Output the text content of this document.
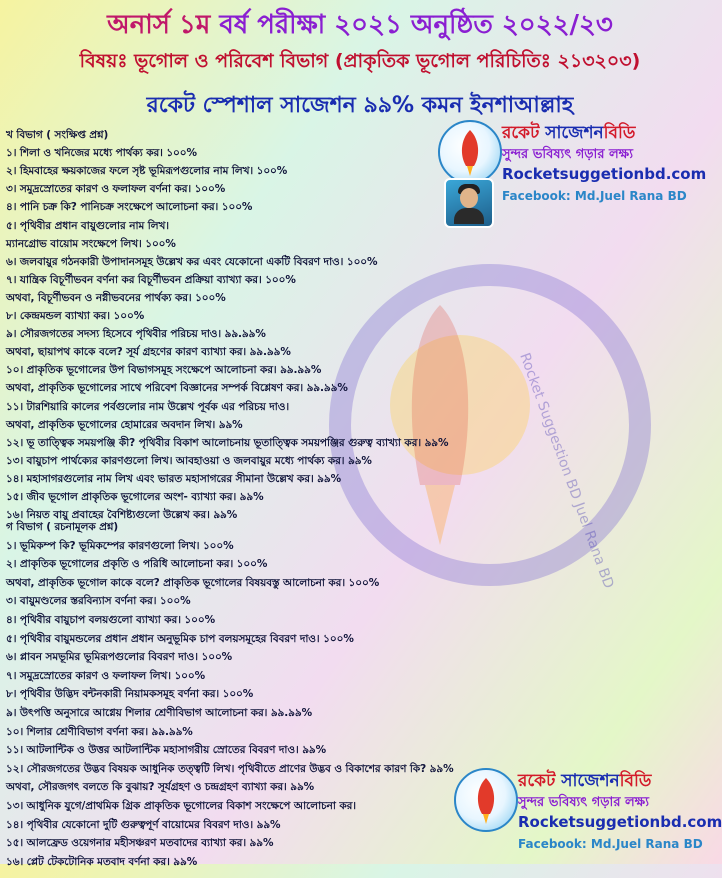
Rocket Suggestion BD Juel Rana BD
অনার্স ১ম বর্ষ পরীক্ষা ২০২১ অনুষ্ঠিত ২০২২/২৩
বিষয়ঃ ভূগোল ও পরিবেশ বিভাগ (প্রাকৃতিক ভূগোল পরিচিতিঃ ২১৩২০৩)
রকেট স্পেশাল সাজেশন ৯৯% কমন ইনশাআল্লাহ
রকেট সাজেশনবিডি
সুন্দর ভবিষ্যৎ গড়ার লক্ষ্য
Rocketsuggetionbd.com
Facebook: Md.Juel Rana BD
রকেট সাজেশনবিডি
সুন্দর ভবিষ্যৎ গড়ার লক্ষ্য
Rocketsuggetionbd.com
Facebook: Md.Juel Rana BD
খ বিভাগ ( সংক্ষিপ্ত প্রশ্ন)
১। শিলা ও খনিজের মধ্যে পার্থক্য কর। ১০০%
২। হিমবাহের ক্ষয়কাজের ফলে সৃষ্ট ভূমিরূপগুলোর নাম লিখ। ১০০%
৩। সমুদ্রস্রোতের কারণ ও ফলাফল বর্ণনা কর। ১০০%
৪। পানি চক্র কি? পানিচক্র সংক্ষেপে আলোচনা কর। ১০০%
৫। পৃথিবীর প্রধান বায়ুগুলোর নাম লিখ।
ম্যানগ্রোভ বায়োম সংক্ষেপে লিখ। ১০০%
৬। জলবায়ুর গঠনকারী উপাদানসমূহ উল্লেখ কর এবং যেকোনো একটি বিবরণ দাও। ১০০%
৭। যান্ত্রিক বিচূর্ণীভবন বর্ণনা কর বিচূর্ণীভবন প্রক্রিয়া ব্যাখ্যা কর। ১০০%
অথবা, বিচূর্ণীভবন ও নগ্নীভবনের পার্থক্য কর। ১০০%
৮। কেন্দ্রমন্ডল ব্যাখ্যা কর। ১০০%
৯। সৌরজগতের সদস্য হিসেবে পৃথিবীর পরিচয় দাও। ৯৯.৯৯%
অথবা, ছায়াপথ কাকে বলে? সূর্য গ্রহণের কারণ ব্যাখ্যা কর। ৯৯.৯৯%
১০। প্রাকৃতিক ভূগোলের উপ বিভাগসমূহ সংক্ষেপে আলোচনা কর। ৯৯.৯৯%
অথবা, প্রাকৃতিক ভূগোলের সাথে পরিবেশ বিজ্ঞানের সম্পর্ক বিশ্লেষণ কর। ৯৯.৯৯%
১১। টারশিয়ারি কালের পর্বগুলোর নাম উল্লেখ পূর্বক এর পরিচয় দাও।
অথবা, প্রাকৃতিক ভূগোলের হোমারের অবদান লিখ। ৯৯%
১২। ভূ তাত্ত্বিক সময়পঞ্জি কী? পৃথিবীর বিকাশ আলোচনায় ভূতাত্ত্বিক সময়পঞ্জির গুরুত্ব ব্যাখ্যা কর। ৯৯%
১৩। বায়ুচাপ পার্থক্যের কারণগুলো লিখ। আবহাওয়া ও জলবায়ুর মধ্যে পার্থক্য কর। ৯৯%
১৪। মহাসাগরগুলোর নাম লিখ এবং ভারত মহাসাগরের সীমানা উল্লেখ কর। ৯৯%
১৫। জীব ভূগোল প্রাকৃতিক ভূগোলের অংশ- ব্যাখ্যা কর। ৯৯%
১৬। নিয়ত বায়ু প্রবাহের বৈশিষ্ট্যগুলো উল্লেখ কর। ৯৯%
গ বিভাগ ( রচনামূলক প্রশ্ন)
১। ভূমিকম্প কি? ভূমিকম্পের কারণগুলো লিখ। ১০০%
২। প্রাকৃতিক ভূগোলের প্রকৃতি ও পরিধি আলোচনা কর। ১০০%
অথবা, প্রাকৃতিক ভূগোল কাকে বলে? প্রাকৃতিক ভূগোলের বিষয়বস্তু আলোচনা কর। ১০০%
৩। বায়ুমণ্ডলের স্তরবিন্যাস বর্ণনা কর। ১০০%
৪। পৃথিবীর বায়ুচাপ বলয়গুলো ব্যাখ্যা কর। ১০০%
৫। পৃথিবীর বায়ুমন্ডলের প্রধান প্রধান অনুভূমিক চাপ বলয়সমূহের বিবরণ দাও। ১০০%
৬। প্লাবন সমভূমির ভূমিরূপগুলোর বিবরণ দাও। ১০০%
৭। সমুদ্রস্রোতের কারণ ও ফলাফল লিখ। ১০০%
৮। পৃথিবীর উদ্ভিদ বন্টনকারী নিয়ামকসমূহ বর্ণনা কর। ১০০%
৯। উৎপত্তি অনুসারে আগ্নেয় শিলার শ্রেণীবিভাগ আলোচনা কর। ৯৯.৯৯%
১০। শিলার শ্রেণীবিভাগ বর্ণনা কর। ৯৯.৯৯%
১১। আটলান্টিক ও উত্তর আটলান্টিক মহাসাগরীয় স্রোতের বিবরণ দাও। ৯৯%
১২। সৌরজগতের উদ্ভব বিষয়ক আধুনিক তত্ত্বটি লিখ। পৃথিবীতে প্রাণের উদ্ভব ও বিকাশের কারণ কি? ৯৯%
অথবা, সৌরজগৎ বলতে কি বুঝায়? সূর্যগ্রহণ ও চন্দ্রগ্রহণ ব্যাখ্যা কর। ৯৯%
১৩। আধুনিক যুগে/প্রাথমিক গ্রিক প্রাকৃতিক ভূগোলের বিকাশ সংক্ষেপে আলোচনা কর।
১৪। পৃথিবীর যেকোনো দুটি গুরুত্বপূর্ণ বায়োমের বিবরণ দাও। ৯৯%
১৫। আলফ্রেড ওয়েগনার মহীসঞ্চরণ মতবাদের ব্যাখ্যা কর। ৯৯%
১৬। প্লেট টেকটোনিক মতবাদ বর্ণনা কর। ৯৯%
